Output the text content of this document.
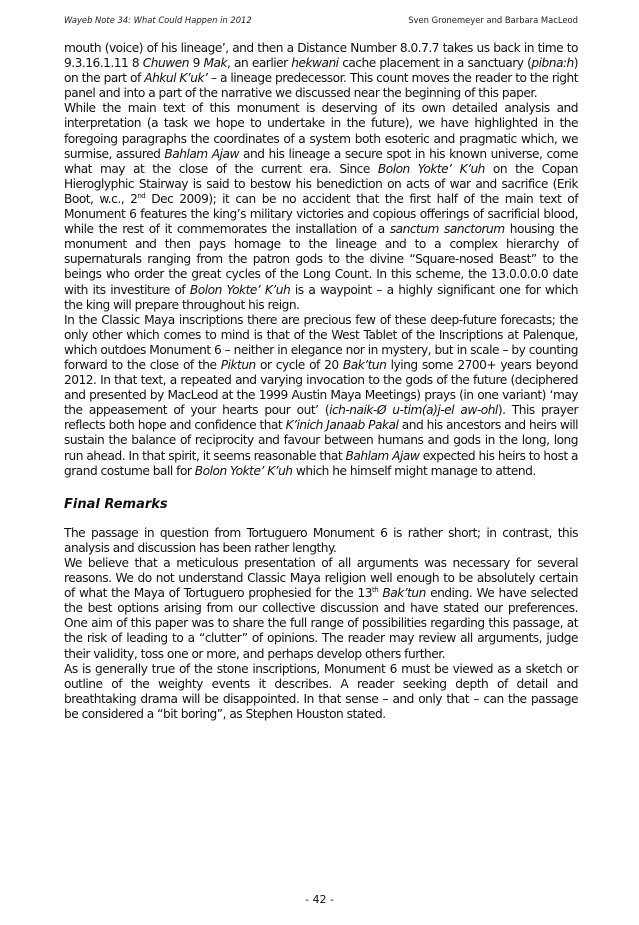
Wayeb Note 34: What Could Happen in 2012	Sven Gronemeyer and Barbara MacLeod

mouth (voice) of his lineage’, and then a Distance Number 8.0.7.7 takes us back in time to 9.3.16.1.11 8 Chuwen 9 Mak, an earlier hekwani cache placement in a sanctuary (pibna:h) on the part of Ahkul K’uk’ – a lineage predecessor. This count moves the reader to the right panel and into a part of the narrative we discussed near the beginning of this paper.

While the main text of this monument is deserving of its own detailed analysis and interpretation (a task we hope to undertake in the future), we have highlighted in the foregoing paragraphs the coordinates of a system both esoteric and pragmatic which, we surmise, assured Bahlam Ajaw and his lineage a secure spot in his known universe, come what may at the close of the current era. Since Bolon Yokte’ K’uh on the Copan Hieroglyphic Stairway is said to bestow his benediction on acts of war and sacrifice (Erik Boot, w.c., 2nd Dec 2009); it can be no accident that the first half of the main text of Monument 6 features the king’s military victories and copious offerings of sacrificial blood, while the rest of it commemorates the installation of a sanctum sanctorum housing the monument and then pays homage to the lineage and to a complex hierarchy of supernaturals ranging from the patron gods to the divine “Square-nosed Beast” to the beings who order the great cycles of the Long Count. In this scheme, the 13.0.0.0.0 date with its investiture of Bolon Yokte’ K’uh is a waypoint – a highly significant one for which the king will prepare throughout his reign.

In the Classic Maya inscriptions there are precious few of these deep-future forecasts; the only other which comes to mind is that of the West Tablet of the Inscriptions at Palenque, which outdoes Monument 6 – neither in elegance nor in mystery, but in scale – by counting forward to the close of the Piktun or cycle of 20 Bak’tun lying some 2700+ years beyond 2012. In that text, a repeated and varying invocation to the gods of the future (deciphered and presented by MacLeod at the 1999 Austin Maya Meetings) prays (in one variant) ‘may the appeasement of your hearts pour out’ (ich-naik-Ø u-tim(a)j-el aw-ohl). This prayer reflects both hope and confidence that K’inich Janaab Pakal and his ancestors and heirs will sustain the balance of reciprocity and favour between humans and gods in the long, long run ahead. In that spirit, it seems reasonable that Bahlam Ajaw expected his heirs to host a grand costume ball for Bolon Yokte’ K’uh which he himself might manage to attend.

Final Remarks

The passage in question from Tortuguero Monument 6 is rather short; in contrast, this analysis and discussion has been rather lengthy.

We believe that a meticulous presentation of all arguments was necessary for several reasons. We do not understand Classic Maya religion well enough to be absolutely certain of what the Maya of Tortuguero prophesied for the 13th Bak’tun ending. We have selected the best options arising from our collective discussion and have stated our preferences. One aim of this paper was to share the full range of possibilities regarding this passage, at the risk of leading to a “clutter” of opinions. The reader may review all arguments, judge their validity, toss one or more, and perhaps develop others further.

As is generally true of the stone inscriptions, Monument 6 must be viewed as a sketch or outline of the weighty events it describes. A reader seeking depth of detail and breathtaking drama will be disappointed. In that sense – and only that – can the passage be considered a “bit boring”, as Stephen Houston stated.

- 42 -
